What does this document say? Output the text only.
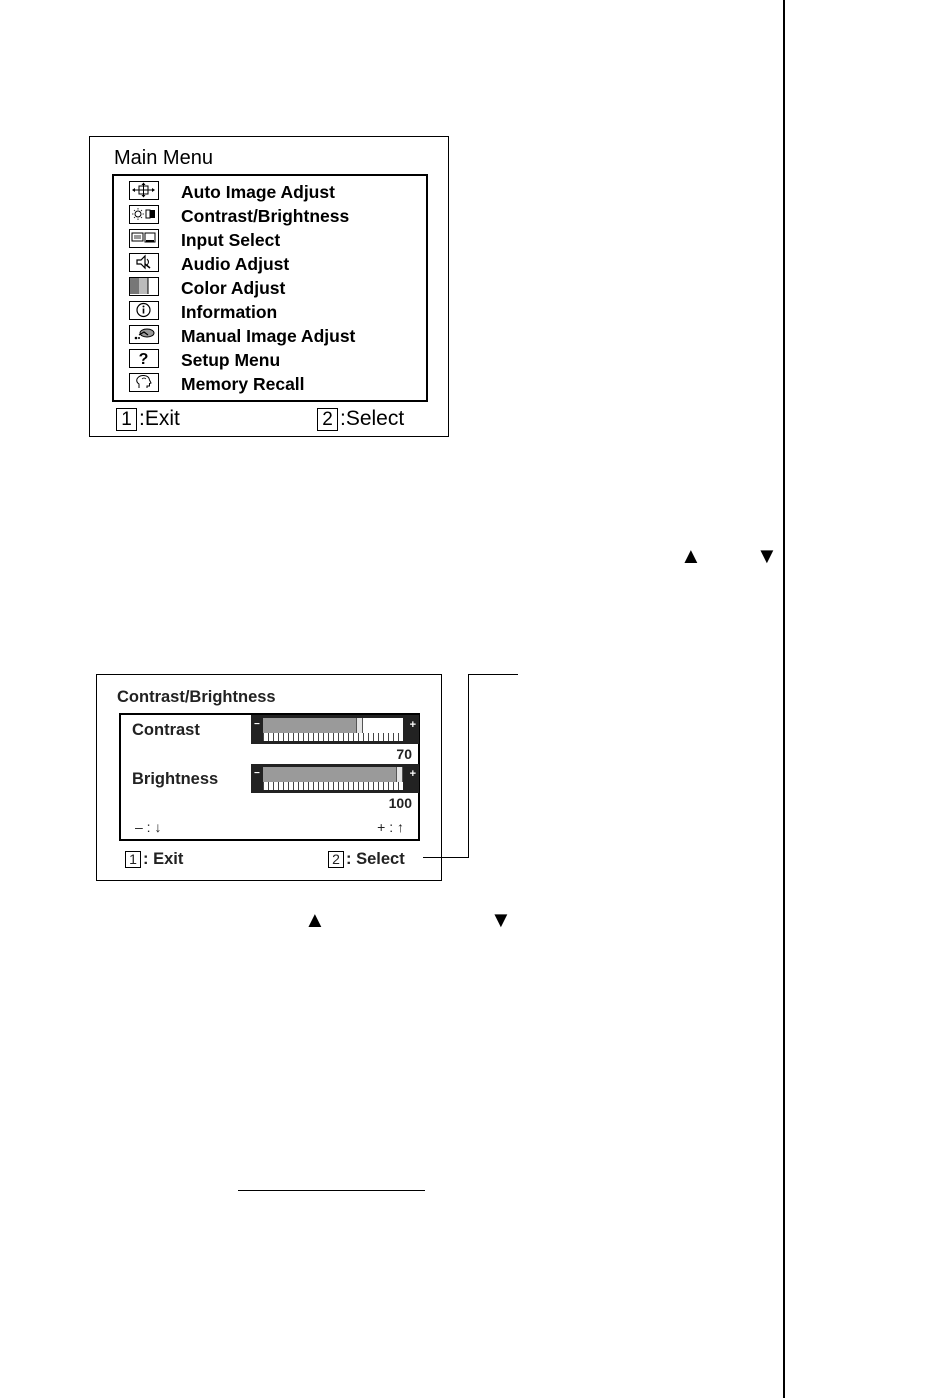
Main Menu
Auto Image Adjust
Contrast/Brightness
Input Select
Audio Adjust
Color Adjust
Information
Manual Image Adjust
? Setup Menu
Memory Recall
1 :Exit	2 :Select
▲ ▼
Contrast/Brightness
Contrast	−	+
70
Brightness	−	+
100
– : ↓	+ : ↑
1 : Exit	2 : Select
▲	▼
